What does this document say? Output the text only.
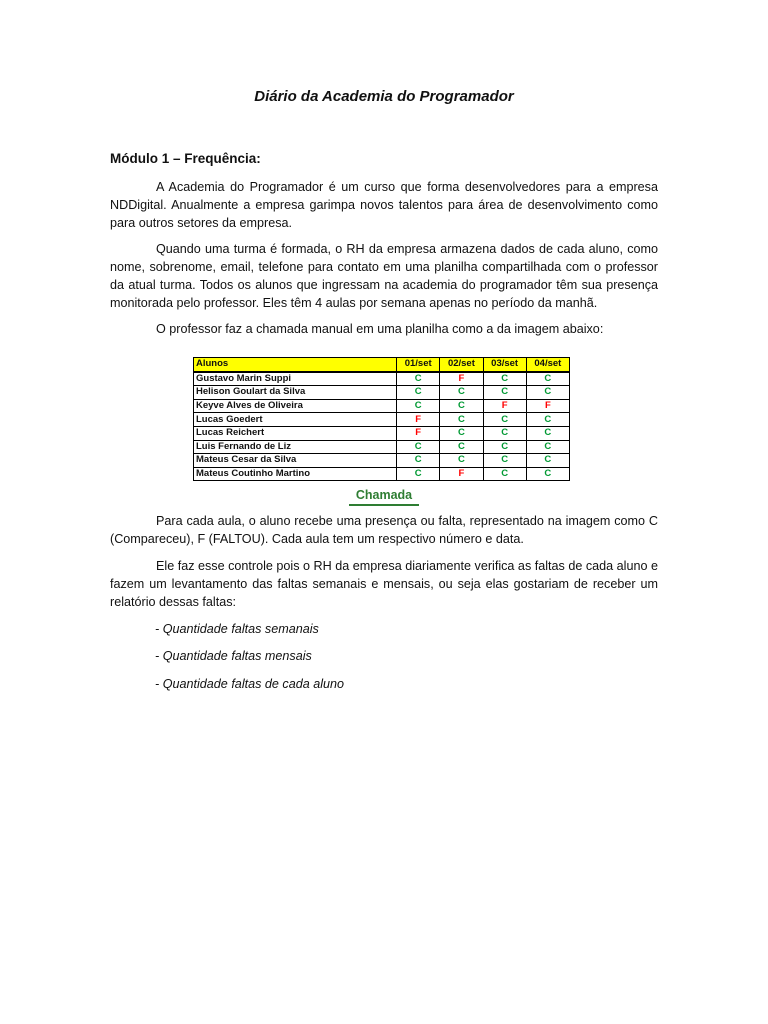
Diário da Academia do Programador
Módulo 1 – Frequência:

A Academia do Programador é um curso que forma desenvolvedores para a empresa NDDigital. Anualmente a empresa garimpa novos talentos para área de desenvolvimento como para outros setores da empresa.

Quando uma turma é formada, o RH da empresa armazena dados de cada aluno, como nome, sobrenome, email, telefone para contato em uma planilha compartilhada com o professor da atual turma. Todos os alunos que ingressam na academia do programador têm sua presença monitorada pelo professor. Eles têm 4 aulas por semana apenas no período da manhã.

O professor faz a chamada manual em uma planilha como a da imagem abaixo:

Alunos	01/set	02/set	03/set	04/set
Gustavo Marin Suppi	C	F	C	C
Helison Goulart da Silva	C	C	C	C
Keyve Alves de Oliveira	C	C	F	F
Lucas Goedert	F	C	C	C
Lucas Reichert	F	C	C	C
Luis Fernando de Liz	C	C	C	C
Mateus Cesar da Silva	C	C	C	C
Mateus Coutinho Martino	C	F	C	C
Chamada

Para cada aula, o aluno recebe uma presença ou falta, representado na imagem como C (Compareceu), F (FALTOU). Cada aula tem um respectivo número e data.

Ele faz esse controle pois o RH da empresa diariamente verifica as faltas de cada aluno e fazem um levantamento das faltas semanais e mensais, ou seja elas gostariam de receber um relatório dessas faltas:

- Quantidade faltas semanais
- Quantidade faltas mensais
- Quantidade faltas de cada aluno
